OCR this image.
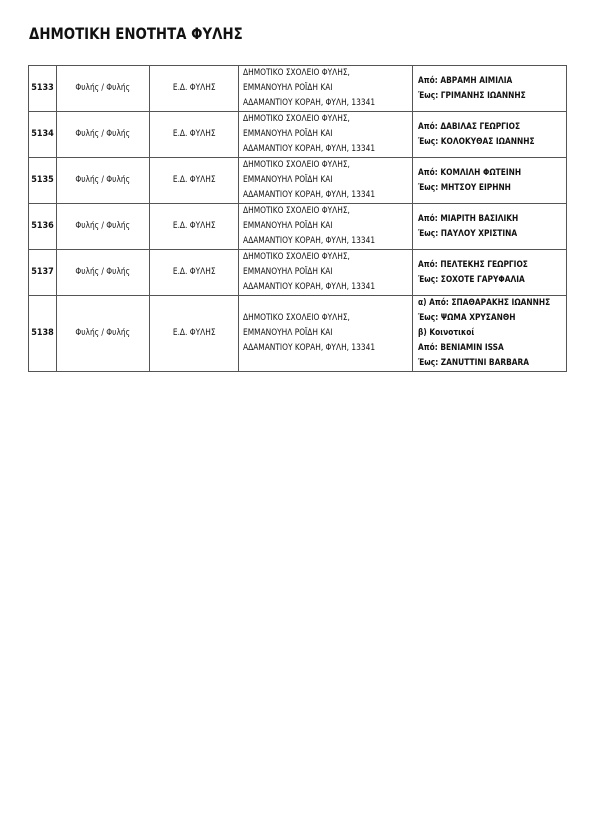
ΔΗΜΟΤΙΚΗ ΕΝΟΤΗΤΑ ΦΥΛΗΣ
5133	Φυλής / Φυλής	Ε.Δ. ΦΥΛΗΣ	ΔΗΜΟΤΙΚΟ ΣΧΟΛΕΙΟ ΦΥΛΗΣ,
ΕΜΜΑΝΟΥΗΛ ΡΟΪΔΗ ΚΑΙ
ΑΔΑΜΑΝΤΙΟΥ ΚΟΡΑΗ, ΦΥΛΗ, 13341	Από: ΑΒΡΑΜΗ ΑΙΜΙΛΙΑ
Έως: ΓΡΙΜΑΝΗΣ ΙΩΑΝΝΗΣ

5134	Φυλής / Φυλής	Ε.Δ. ΦΥΛΗΣ	ΔΗΜΟΤΙΚΟ ΣΧΟΛΕΙΟ ΦΥΛΗΣ,
ΕΜΜΑΝΟΥΗΛ ΡΟΪΔΗ ΚΑΙ
ΑΔΑΜΑΝΤΙΟΥ ΚΟΡΑΗ, ΦΥΛΗ, 13341	Από: ΔΑΒΙΛΑΣ ΓΕΩΡΓΙΟΣ
Έως: ΚΟΛΟΚΥΘΑΣ ΙΩΑΝΝΗΣ

5135	Φυλής / Φυλής	Ε.Δ. ΦΥΛΗΣ	ΔΗΜΟΤΙΚΟ ΣΧΟΛΕΙΟ ΦΥΛΗΣ,
ΕΜΜΑΝΟΥΗΛ ΡΟΪΔΗ ΚΑΙ
ΑΔΑΜΑΝΤΙΟΥ ΚΟΡΑΗ, ΦΥΛΗ, 13341	Από: ΚΟΜΛΙΛΗ ΦΩΤΕΙΝΗ
Έως: ΜΗΤΣΟΥ ΕΙΡΗΝΗ

5136	Φυλής / Φυλής	Ε.Δ. ΦΥΛΗΣ	ΔΗΜΟΤΙΚΟ ΣΧΟΛΕΙΟ ΦΥΛΗΣ,
ΕΜΜΑΝΟΥΗΛ ΡΟΪΔΗ ΚΑΙ
ΑΔΑΜΑΝΤΙΟΥ ΚΟΡΑΗ, ΦΥΛΗ, 13341	Από: ΜΙΑΡΙΤΗ ΒΑΣΙΛΙΚΗ
Έως: ΠΑΥΛΟΥ ΧΡΙΣΤΙΝΑ

5137	Φυλής / Φυλής	Ε.Δ. ΦΥΛΗΣ	ΔΗΜΟΤΙΚΟ ΣΧΟΛΕΙΟ ΦΥΛΗΣ,
ΕΜΜΑΝΟΥΗΛ ΡΟΪΔΗ ΚΑΙ
ΑΔΑΜΑΝΤΙΟΥ ΚΟΡΑΗ, ΦΥΛΗ, 13341	Από: ΠΕΛΤΕΚΗΣ ΓΕΩΡΓΙΟΣ
Έως: ΣΟΧΟΤΕ ΓΑΡΥΦΑΛΙΑ

5138	Φυλής / Φυλής	Ε.Δ. ΦΥΛΗΣ	ΔΗΜΟΤΙΚΟ ΣΧΟΛΕΙΟ ΦΥΛΗΣ,
ΕΜΜΑΝΟΥΗΛ ΡΟΪΔΗ ΚΑΙ
ΑΔΑΜΑΝΤΙΟΥ ΚΟΡΑΗ, ΦΥΛΗ, 13341	α) Από: ΣΠΑΘΑΡΑΚΗΣ ΙΩΑΝΝΗΣ
Έως: ΨΩΜΑ ΧΡΥΣΑΝΘΗ
β) Κοινοτικοί
Από: BENIAMIN ISSA
Έως: ZANUTTINI BARBARA
